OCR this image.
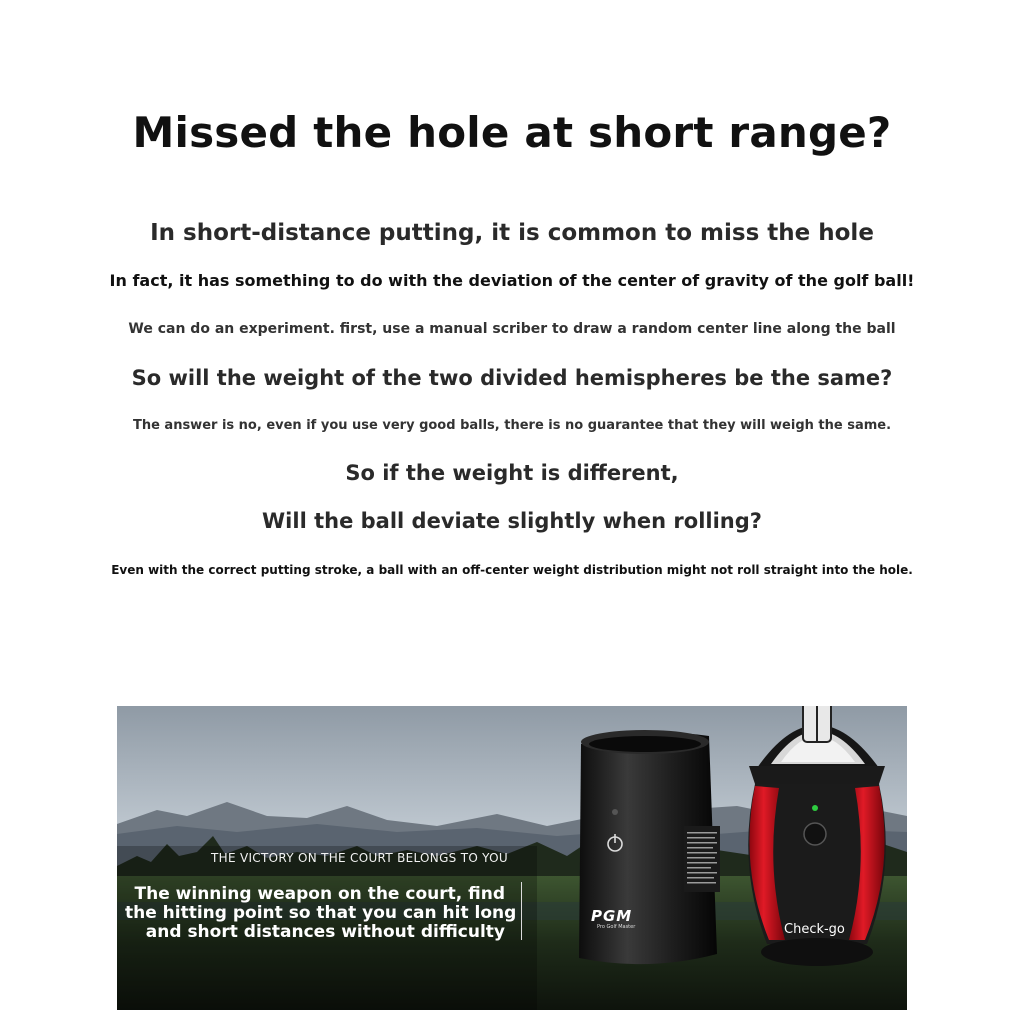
Missed the hole at short range?
In short-distance putting, it is common to miss the hole
In fact, it has something to do with the deviation of the center of gravity of the golf ball!
We can do an experiment. first, use a manual scriber to draw a random center line along the ball
So will the weight of the two divided hemispheres be the same?
The answer is no, even if you use very good balls, there is no guarantee that they will weigh the same.
So if the weight is different,
Will the ball deviate slightly when rolling?
Even with the correct putting stroke, a ball with an off-center weight distribution might not roll straight into the hole.
THE VICTORY ON THE COURT BELONGS TO YOU
The winning weapon on the court, find
the hitting point so that you can hit long
and short distances without difficulty
PGM
Pro Golf Master	Check-go
